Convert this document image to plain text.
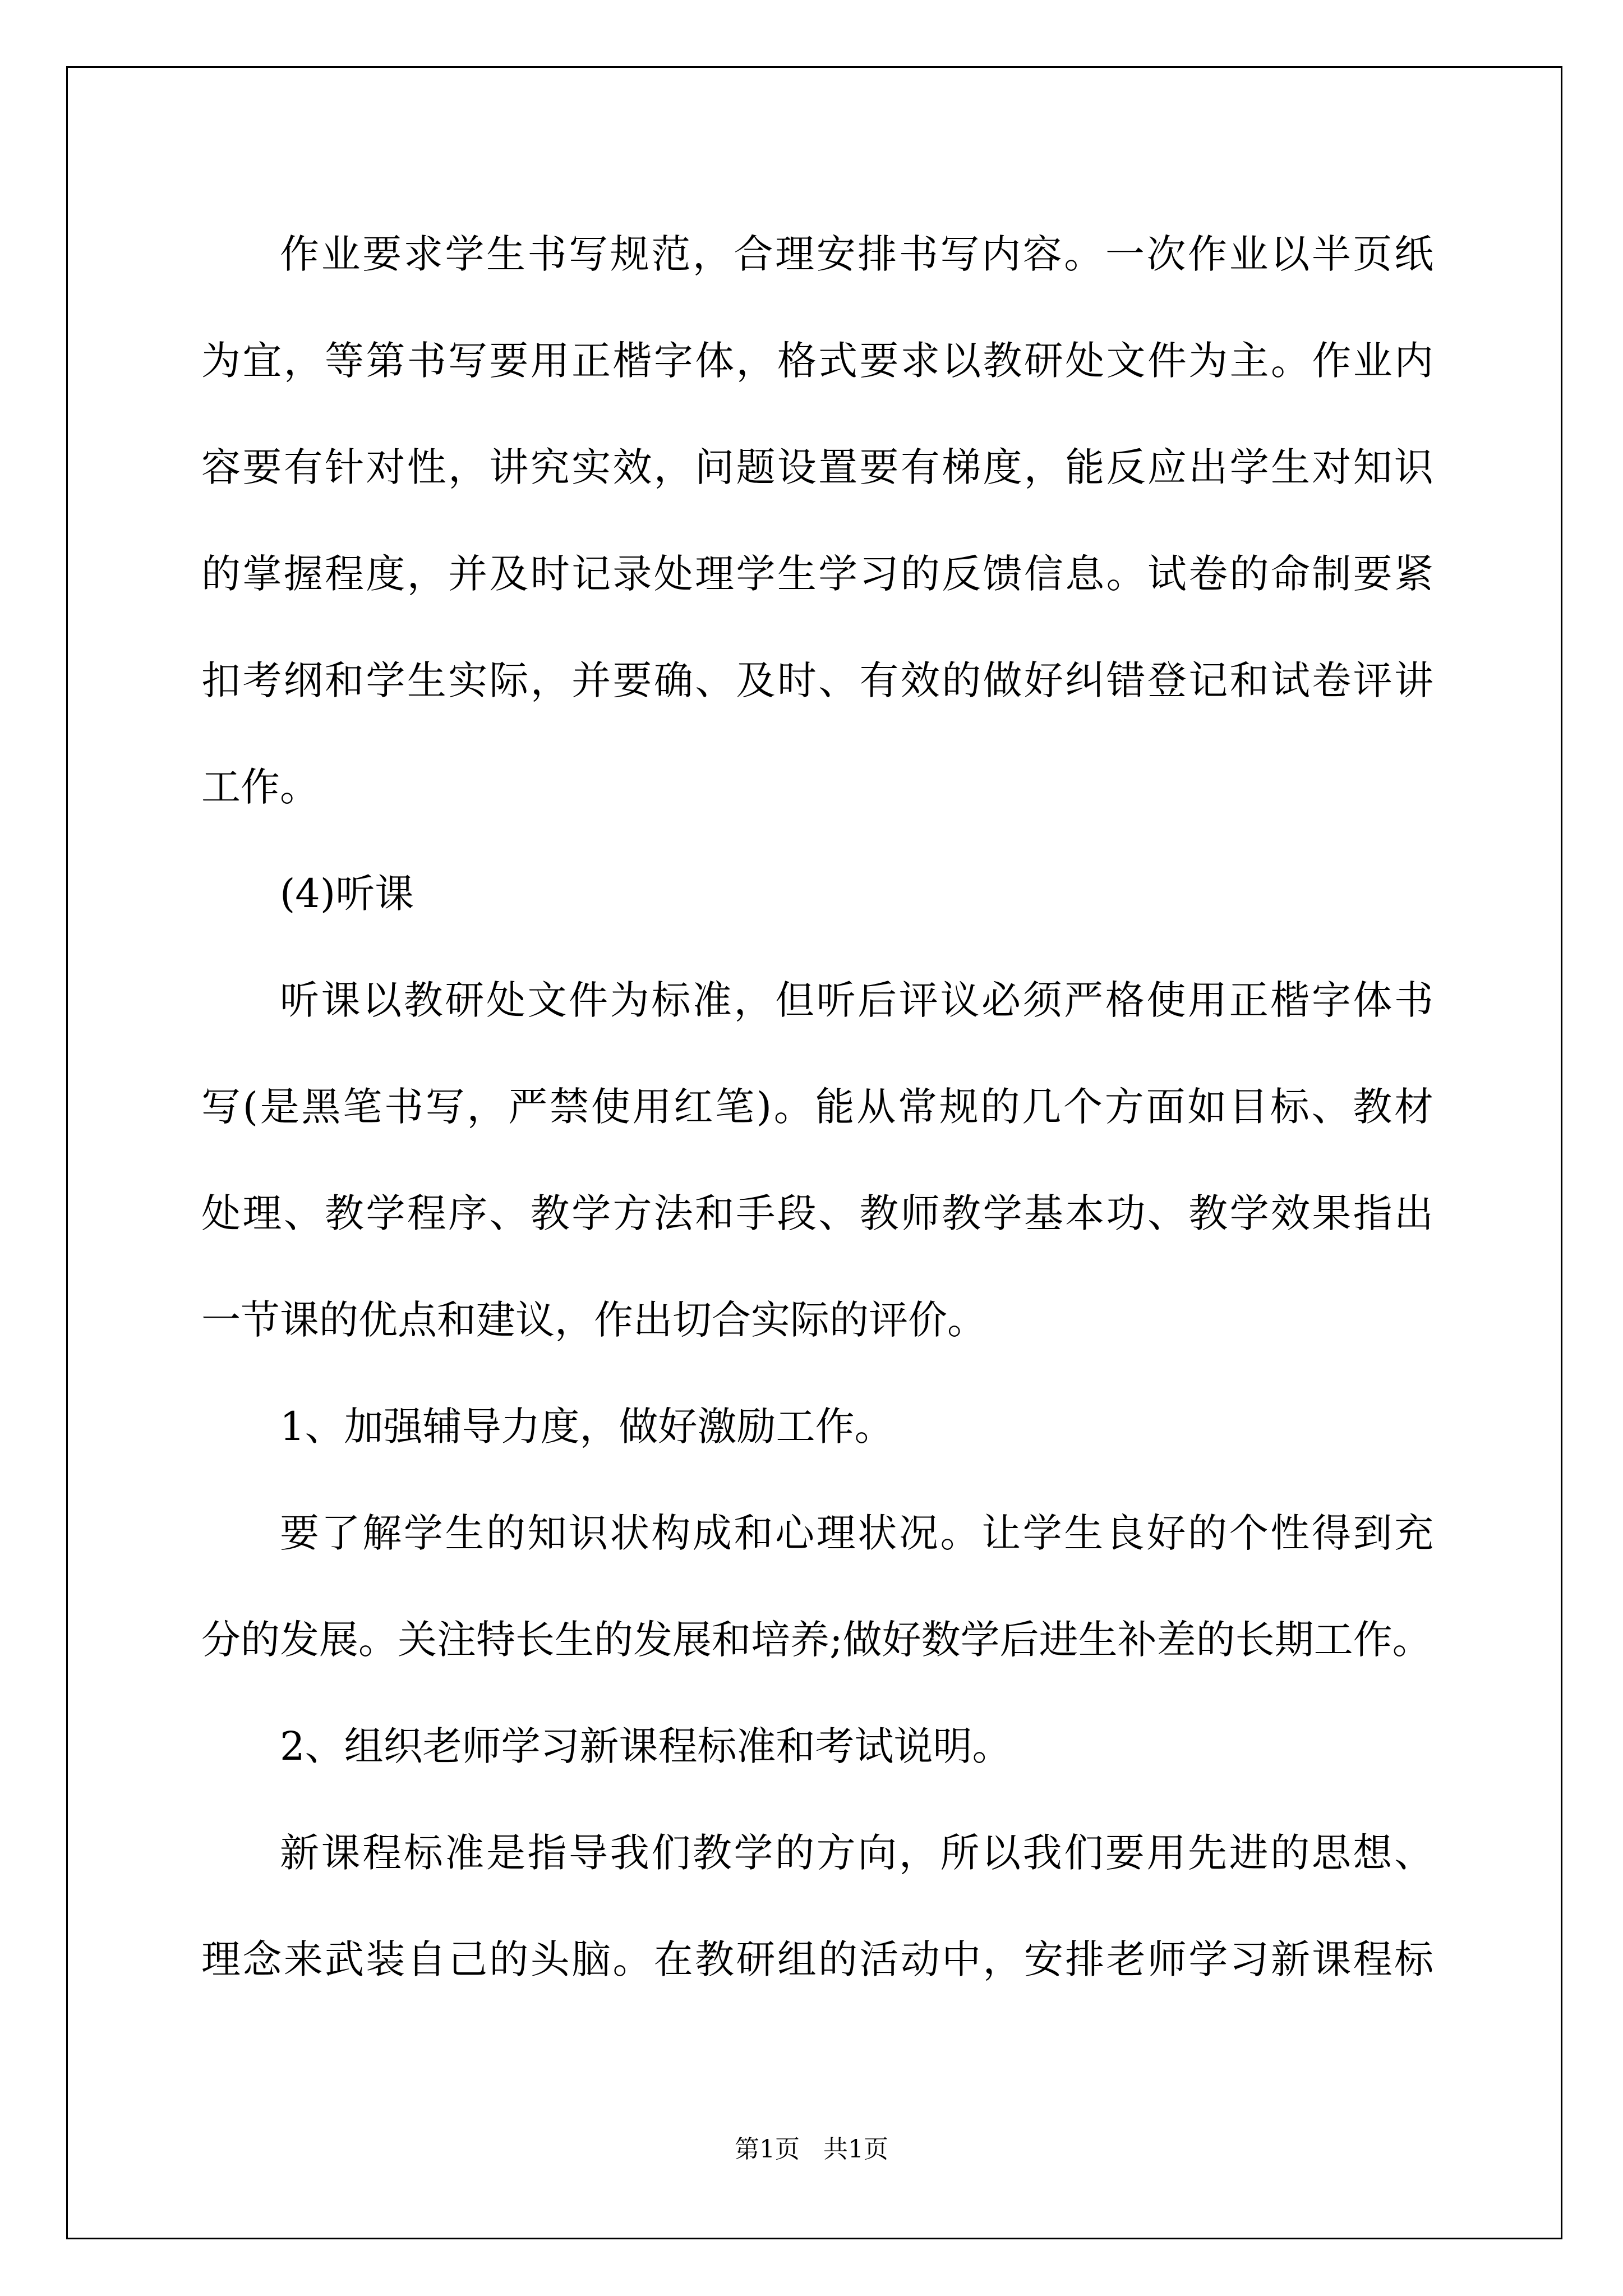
作业要求学生书写规范，合理安排书写内容。一次作业以半页纸
为宜，等第书写要用正楷字体，格式要求以教研处文件为主。作业内
容要有针对性，讲究实效，问题设置要有梯度，能反应出学生对知识
的掌握程度，并及时记录处理学生学习的反馈信息。试卷的命制要紧
扣考纲和学生实际，并要确、及时、有效的做好纠错登记和试卷评讲
工作。
(4)听课
听课以教研处文件为标准，但听后评议必须严格使用正楷字体书
写(是黑笔书写，严禁使用红笔)。能从常规的几个方面如目标、教材
处理、教学程序、教学方法和手段、教师教学基本功、教学效果指出
一节课的优点和建议，作出切合实际的评价。
1、加强辅导力度，做好激励工作。
要了解学生的知识状构成和心理状况。让学生良好的个性得到充
分的发展。关注特长生的发展和培养;做好数学后进生补差的长期工作。
2、组织老师学习新课程标准和考试说明。
新课程标准是指导我们教学的方向，所以我们要用先进的思想、
理念来武装自己的头脑。在教研组的活动中，安排老师学习新课程标
第1页   共1页
